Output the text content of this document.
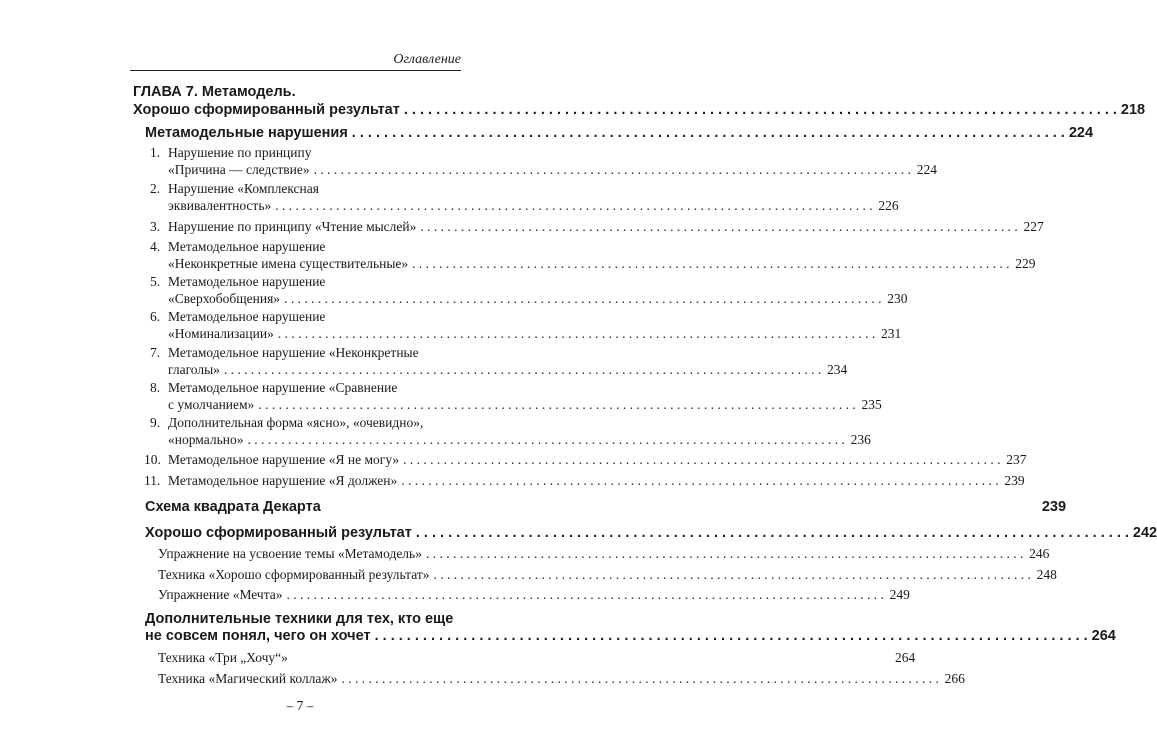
Оглавление
ГЛАВА 7. Метамодель.
Хорошо сформированный результат . . .	218
Метамодельные нарушения . . .	224
1. Нарушение по принципу
«Причина — следствие» . . .	224
2. Нарушение «Комплексная
эквивалентность» . . .	226
3. Нарушение по принципу «Чтение мыслей» . . .	227
4. Метамодельное нарушение
«Неконкретные имена существительные» . . .	229
5. Метамодельное нарушение
«Сверхобобщения» . . .	230
6. Метамодельное нарушение
«Номинализации» . . .	231
7. Метамодельное нарушение «Неконкретные
глаголы» . . .	234
8. Метамодельное нарушение «Сравнение
с умолчанием» . . .	235
9. Дополнительная форма «ясно», «очевидно»,
«нормально» . . .	236
10. Метамодельное нарушение «Я не могу» . . .	237
11. Метамодельное нарушение «Я должен» . . .	239
Схема квадрата Декарта	239
Хорошо сформированный результат . . .	242
Упражнение на усвоение темы «Метамодель» . . .	246
Техника «Хорошо сформированный результат» . . .	248
Упражнение «Мечта» . . .	249
Дополнительные техники для тех, кто еще
не совсем понял, чего он хочет . . .	264
Техника «Три „Хочу“»	264
Техника «Магический коллаж» . . .	266
– 7 –
